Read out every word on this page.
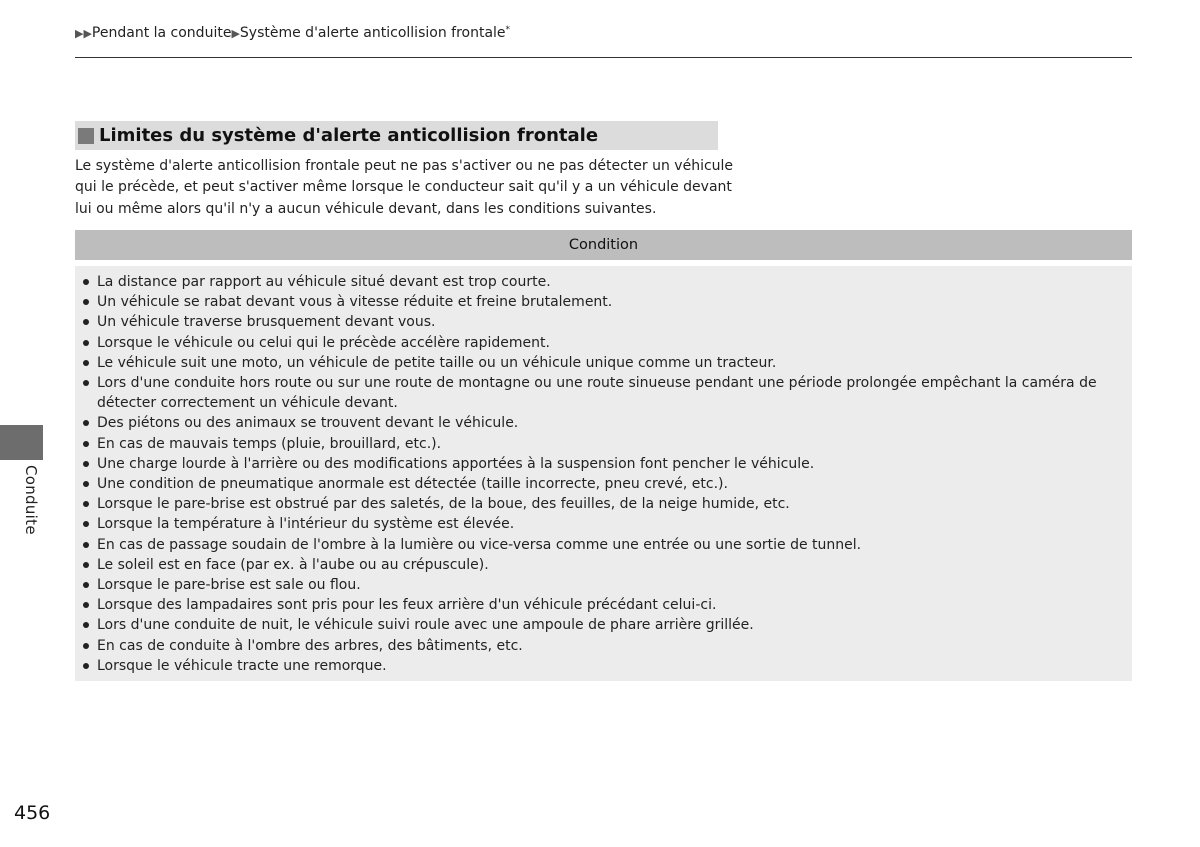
▶▶Pendant la conduite▶Système d'alerte anticollision frontale*
Limites du système d'alerte anticollision frontale
Le système d'alerte anticollision frontale peut ne pas s'activer ou ne pas détecter un véhicule qui le précède, et peut s'activer même lorsque le conducteur sait qu'il y a un véhicule devant lui ou même alors qu'il n'y a aucun véhicule devant, dans les conditions suivantes.
Condition
La distance par rapport au véhicule situé devant est trop courte.
Un véhicule se rabat devant vous à vitesse réduite et freine brutalement.
Un véhicule traverse brusquement devant vous.
Lorsque le véhicule ou celui qui le précède accélère rapidement.
Le véhicule suit une moto, un véhicule de petite taille ou un véhicule unique comme un tracteur.
Lors d'une conduite hors route ou sur une route de montagne ou une route sinueuse pendant une période prolongée empêchant la caméra de détecter correctement un véhicule devant.
Des piétons ou des animaux se trouvent devant le véhicule.
En cas de mauvais temps (pluie, brouillard, etc.).
Une charge lourde à l'arrière ou des modifications apportées à la suspension font pencher le véhicule.
Une condition de pneumatique anormale est détectée (taille incorrecte, pneu crevé, etc.).
Lorsque le pare-brise est obstrué par des saletés, de la boue, des feuilles, de la neige humide, etc.
Lorsque la température à l'intérieur du système est élevée.
En cas de passage soudain de l'ombre à la lumière ou vice-versa comme une entrée ou une sortie de tunnel.
Le soleil est en face (par ex. à l'aube ou au crépuscule).
Lorsque le pare-brise est sale ou flou.
Lorsque des lampadaires sont pris pour les feux arrière d'un véhicule précédant celui-ci.
Lors d'une conduite de nuit, le véhicule suivi roule avec une ampoule de phare arrière grillée.
En cas de conduite à l'ombre des arbres, des bâtiments, etc.
Lorsque le véhicule tracte une remorque.
Conduite
456
